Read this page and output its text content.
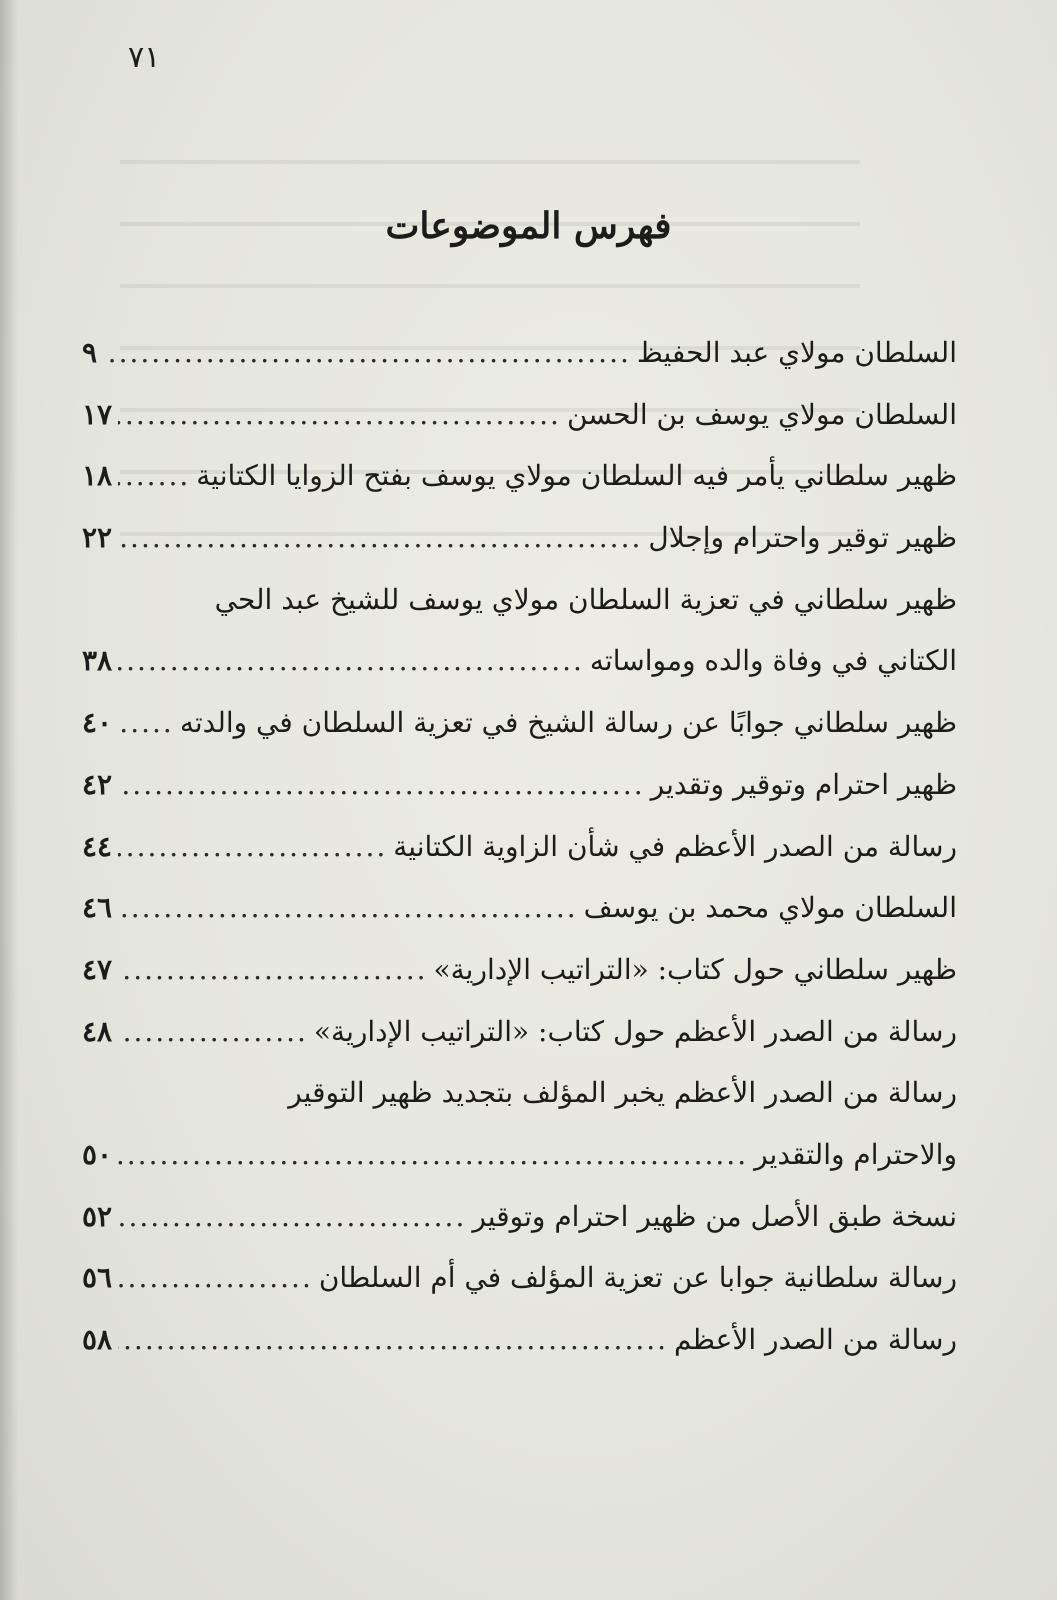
٧١
فهرس الموضوعات
السلطان مولاي عبد الحفيظ
.....
٩
السلطان مولاي يوسف بن الحسن
.....
١٧
ظهير سلطاني يأمر فيه السلطان مولاي يوسف بفتح الزوايا الكتانية
.....
١٨
ظهير توقير واحترام وإجلال
.....
٢٢
ظهير سلطاني في تعزية السلطان مولاي يوسف للشيخ عبد الحي
الكتاني في وفاة والده ومواساته
.....
٣٨
ظهير سلطاني جوابًا عن رسالة الشيخ في تعزية السلطان في والدته
.....
٤٠
ظهير احترام وتوقير وتقدير
.....
٤٢
رسالة من الصدر الأعظم في شأن الزاوية الكتانية
.....
٤٤
السلطان مولاي محمد بن يوسف
.....
٤٦
ظهير سلطاني حول كتاب: «التراتيب الإدارية»
.....
٤٧
رسالة من الصدر الأعظم حول كتاب: «التراتيب الإدارية»
.....
٤٨
رسالة من الصدر الأعظم يخبر المؤلف بتجديد ظهير التوقير
والاحترام والتقدير
.....
٥٠
نسخة طبق الأصل من ظهير احترام وتوقير
.....
٥٢
رسالة سلطانية جوابا عن تعزية المؤلف في أم السلطان
.....
٥٦
رسالة من الصدر الأعظم
.....
٥٨
